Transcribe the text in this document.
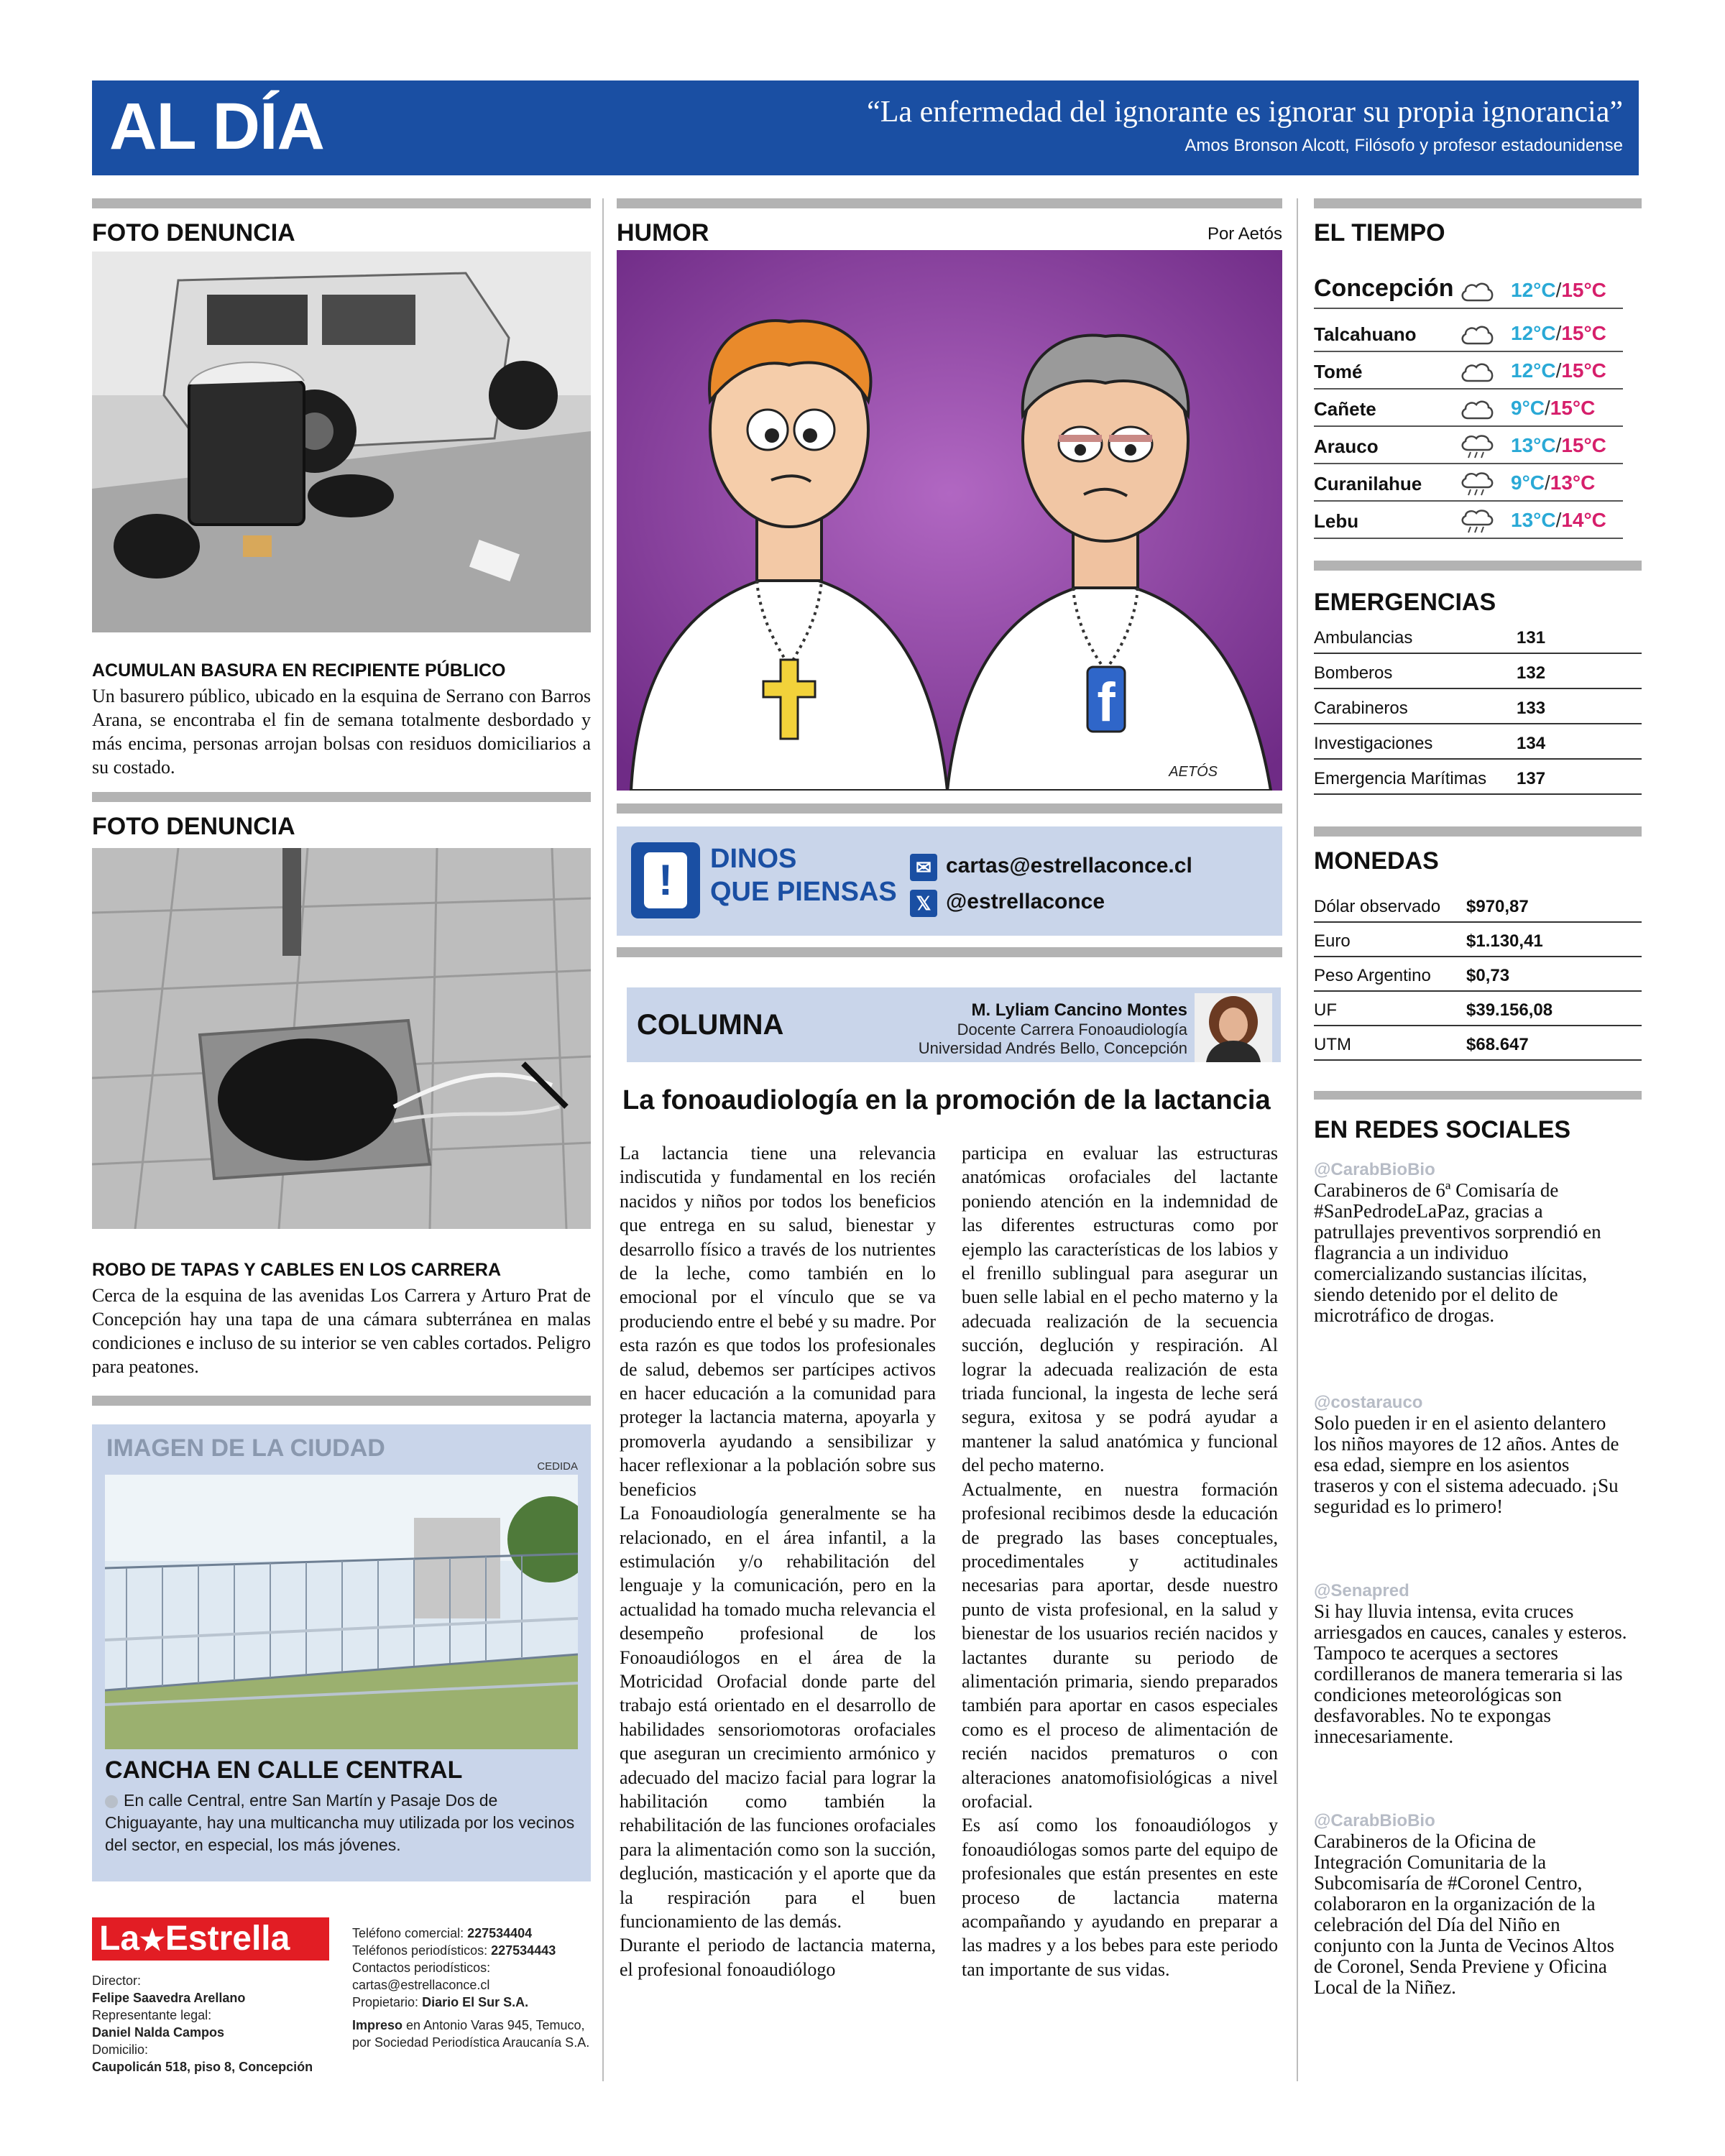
AL DÍA	“La enfermedad del ignorante es ignorar su propia ignorancia”
Amos Bronson Alcott, Filósofo y profesor estadounidense
FOTO DENUNCIA
ACUMULAN BASURA EN RECIPIENTE PÚBLICO
Un basurero público, ubicado en la esquina de Serrano con Barros Arana, se encontraba el fin de semana totalmente desbordado y más encima, personas arrojan bolsas con residuos domiciliarios a su costado.
FOTO DENUNCIA
ROBO DE TAPAS Y CABLES EN LOS CARRERA
Cerca de la esquina de las avenidas Los Carrera y Arturo Prat de Concepción hay una tapa de una cámara subterránea en malas condiciones e incluso de su interior se ven cables cortados. Peligro para peatones.
IMAGEN DE LA CIUDAD
CEDIDA
CANCHA EN CALLE CENTRAL
En calle Central, entre San Martín y Pasaje Dos de Chiguayante, hay una multicancha muy utilizada por los vecinos del sector, en especial, los más jóvenes.
La★Estrella
Director:
Felipe Saavedra Arellano
Representante legal:
Daniel Nalda Campos
Domicilio:
Caupolicán 518, piso 8, Concepción
Teléfono comercial: 227534404
Teléfonos periodísticos: 227534443
Contactos periodísticos:
cartas@estrellaconce.cl
Propietario: Diario El Sur S.A.
Impreso en Antonio Varas 945, Temuco, por Sociedad Periodística Araucanía S.A.
HUMOR	Por Aetós
f
AETÓS
!	DINOS
QUE PIENSAS
✉ cartas@estrellaconce.cl
𝕏 @estrellaconce
COLUMNA	M. Lyliam Cancino Montes
Docente Carrera Fonoaudiología
Universidad Andrés Bello, Concepción
La fonoaudiología en la promoción de la lactancia

La lactancia tiene una relevancia indiscutida y fundamental en los recién nacidos y niños por todos los beneficios que entrega en su salud, bienestar y desarrollo físico a través de los nutrientes de la leche, como también en lo emocional por el vínculo que se va produciendo entre el bebé y su madre. Por esta razón es que todos los profesionales de salud, debemos ser partícipes activos en hacer educación a la comunidad para proteger la lactancia materna, apoyarla y promoverla ayudando a sensibilizar y hacer reflexionar a la población sobre sus beneficios

La Fonoaudiología generalmente se ha relacionado, en el área infantil, a la estimulación y/o rehabilitación del lenguaje y la comunicación, pero en la actualidad ha tomado mucha relevancia el desempeño profesional de los Fonoaudiólogos en el área de la Motricidad Orofacial donde parte del trabajo está orientado en el desarrollo de habilidades sensoriomotoras orofaciales que aseguran un crecimiento armónico y adecuado del macizo facial para lograr la habilitación como también la rehabilitación de las funciones orofaciales para la alimentación como son la succión, deglución, masticación y el aporte que da la respiración para el buen funcionamiento de las demás.

Durante el periodo de lactancia materna, el profesional fonoaudiólogo

participa en evaluar las estructuras anatómicas orofaciales del lactante poniendo atención en la indemnidad de las diferentes estructuras como por ejemplo las características de los labios y el frenillo sublingual para asegurar un buen selle labial en el pecho materno y la adecuada realización de la secuencia succión, deglución y respiración. Al lograr la adecuada realización de esta triada funcional, la ingesta de leche será segura, exitosa y se podrá ayudar a mantener la salud anatómica y funcional del pecho materno.

Actualmente, en nuestra formación profesional recibimos desde la educación de pregrado las bases conceptuales, procedimentales y actitudinales necesarias para aportar, desde nuestro punto de vista profesional, en la salud y bienestar de los usuarios recién nacidos y lactantes durante su periodo de alimentación primaria, siendo preparados también para aportar en casos especiales como es el proceso de alimentación de recién nacidos prematuros o con alteraciones anatomofisiológicas a nivel orofacial.

Es así como los fonoaudiólogos y fonoaudiólogas somos parte del equipo de profesionales que están presentes en este proceso de lactancia materna acompañando y ayudando en preparar a las madres y a los bebes para este periodo tan importante de sus vidas.

EL TIEMPO
Concepción	12°C/15°C
Talcahuano	12°C/15°C
Tomé	12°C/15°C
Cañete	9°C/15°C
Arauco	13°C/15°C
Curanilahue	9°C/13°C
Lebu	13°C/14°C
EMERGENCIAS
Ambulancias	131
Bomberos	132
Carabineros	133
Investigaciones	134
Emergencia Marítimas 137
MONEDAS
Dólar observado $970,87
Euro	$1.130,41
Peso Argentino $0,73
UF	$39.156,08
UTM	$68.647
EN REDES SOCIALES
@CarabBioBio
Carabineros de 6ª Comisaría de #SanPedrodeLaPaz, gracias a patrullajes preventivos sorprendió en flagrancia a un individuo comercializando sustancias ilícitas, siendo detenido por el delito de microtráfico de drogas.
@costarauco
Solo pueden ir en el asiento delantero los niños mayores de 12 años. Antes de esa edad, siempre en los asientos traseros y con el sistema adecuado. ¡Su seguridad es lo primero!
@Senapred
Si hay lluvia intensa, evita cruces arriesgados en cauces, canales y esteros. Tampoco te acerques a sectores cordilleranos de manera temeraria si las condiciones meteorológicas son desfavorables. No te expongas innecesariamente.
@CarabBioBio
Carabineros de la Oficina de Integración Comunitaria de la Subcomisaría de #Coronel Centro, colaboraron en la organización de la celebración del Día del Niño en conjunto con la Junta de Vecinos Altos de Coronel, Senda Previene y Oficina Local de la Niñez.
